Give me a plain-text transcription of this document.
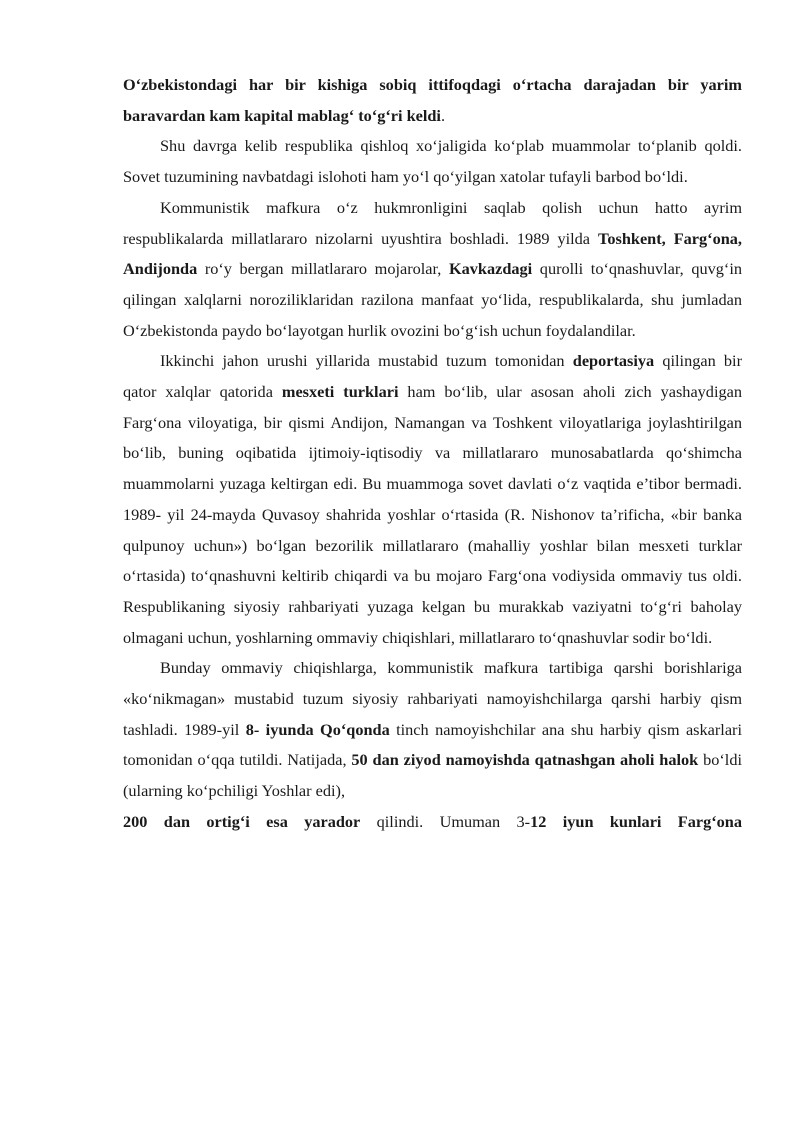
O‘zbekistondagi har bir kishiga sobiq ittifoqdagi o‘rtacha darajadan bir yarim baravardan kam kapital mablag‘ to‘g‘ri keldi.

Shu davrga kelib respublika qishloq xo‘jaligida ko‘plab muammolar to‘planib qoldi. Sovet tuzumining navbatdagi islohoti ham yo‘l qo‘yilgan xatolar tufayli barbod bo‘ldi.

Kommunistik mafkura o‘z hukmronligini saqlab qolish uchun hatto ayrim respublikalarda millatlararo nizolarni uyushtira boshladi. 1989 yilda Toshkent, Farg‘ona, Andijonda ro‘y bergan millatlararo mojarolar, Kavkazdagi qurolli to‘qnashuvlar, quvg‘in qilingan xalqlarni noroziliklaridan razilona manfaat yo‘lida, respublikalarda, shu jumladan O‘zbekistonda paydo bo‘layotgan hurlik ovozini bo‘g‘ish uchun foydalandilar.

Ikkinchi jahon urushi yillarida mustabid tuzum tomonidan deportasiya qilingan bir qator xalqlar qatorida mesxeti turklari ham bo‘lib, ular asosan aholi zich yashaydigan Farg‘ona viloyatiga, bir qismi Andijon, Namangan va Toshkent viloyatlariga joylashtirilgan bo‘lib, buning oqibatida ijtimoiy-iqtisodiy va millatlararo munosabatlarda qo‘shimcha muammolarni yuzaga keltirgan edi. Bu muammoga sovet davlati o‘z vaqtida e’tibor bermadi. 1989- yil 24-mayda Quvasoy shahrida yoshlar o‘rtasida (R. Nishonov ta’rificha, «bir banka qulpunoy uchun») bo‘lgan bezorilik millatlararo (mahalliy yoshlar bilan mesxeti turklar o‘rtasida) to‘qnashuvni keltirib chiqardi va bu mojaro Farg‘ona vodiysida ommaviy tus oldi. Respublikaning siyosiy rahbariyati yuzaga kelgan bu murakkab vaziyatni to‘g‘ri baholay olmagani uchun, yoshlarning ommaviy chiqishlari, millatlararo to‘qnashuvlar sodir bo‘ldi.

Bunday ommaviy chiqishlarga, kommunistik mafkura tartibiga qarshi borishlariga «ko‘nikmagan» mustabid tuzum siyosiy rahbariyati namoyishchilarga qarshi harbiy qism tashladi. 1989-yil 8- iyunda Qo‘qonda tinch namoyishchilar ana shu harbiy qism askarlari tomonidan o‘qqa tutildi. Natijada, 50 dan ziyod namoyishda qatnashgan aholi halok bo‘ldi (ularning ko‘pchiligi Yoshlar edi),

200 dan ortig‘i esa yarador qilindi. Umuman 3-12 iyun kunlari Farg‘ona
